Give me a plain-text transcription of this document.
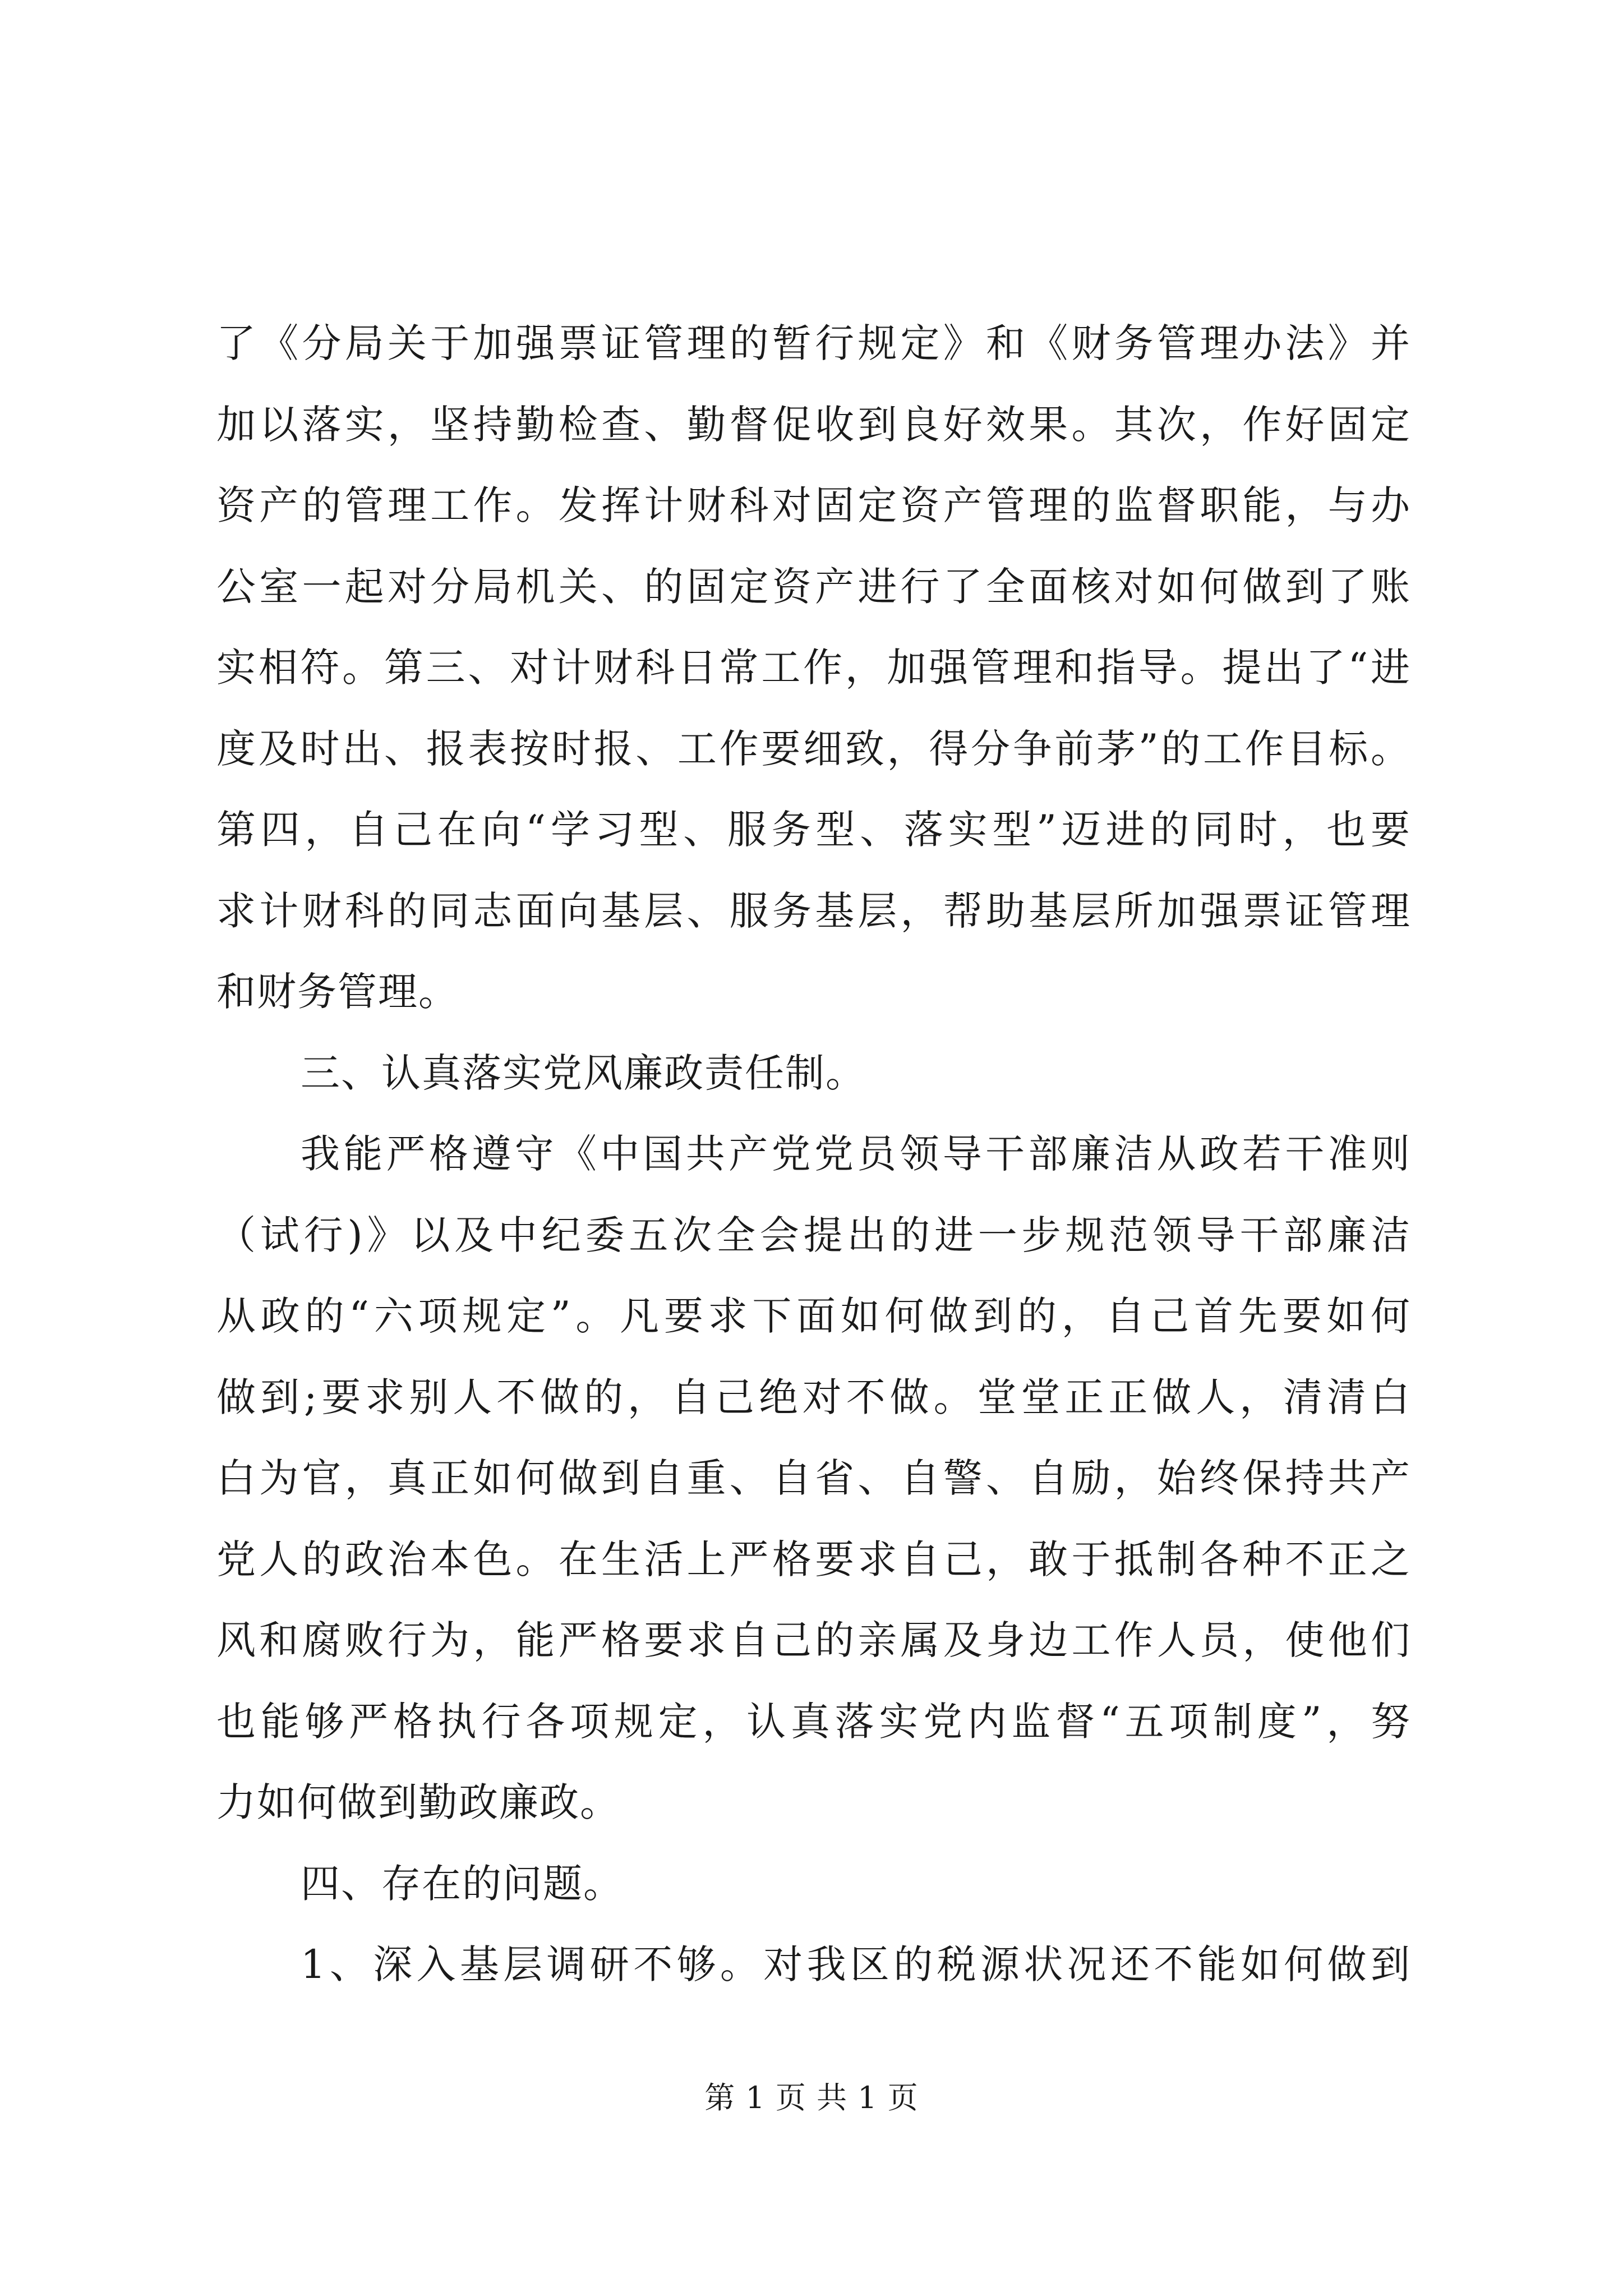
了《分局关于加强票证管理的暂行规定》和《财务管理办法》并
加以落实，坚持勤检查、勤督促收到良好效果。其次，作好固定
资产的管理工作。发挥计财科对固定资产管理的监督职能，与办
公室一起对分局机关、的固定资产进行了全面核对如何做到了账
实相符。第三、对计财科日常工作，加强管理和指导。提出了“进
度及时出、报表按时报、工作要细致，得分争前茅”的工作目标。
第四，自己在向“学习型、服务型、落实型”迈进的同时，也要
求计财科的同志面向基层、服务基层，帮助基层所加强票证管理
和财务管理。
三、认真落实党风廉政责任制。
我能严格遵守《中国共产党党员领导干部廉洁从政若干准则
（试行)》以及中纪委五次全会提出的进一步规范领导干部廉洁
从政的“六项规定”。凡要求下面如何做到的，自己首先要如何
做到;要求别人不做的，自己绝对不做。堂堂正正做人，清清白
白为官，真正如何做到自重、自省、自警、自励，始终保持共产
党人的政治本色。在生活上严格要求自己，敢于抵制各种不正之
风和腐败行为，能严格要求自己的亲属及身边工作人员，使他们
也能够严格执行各项规定，认真落实党内监督“五项制度”，努
力如何做到勤政廉政。
四、存在的问题。
1、深入基层调研不够。对我区的税源状况还不能如何做到
第 1 页 共 1 页
